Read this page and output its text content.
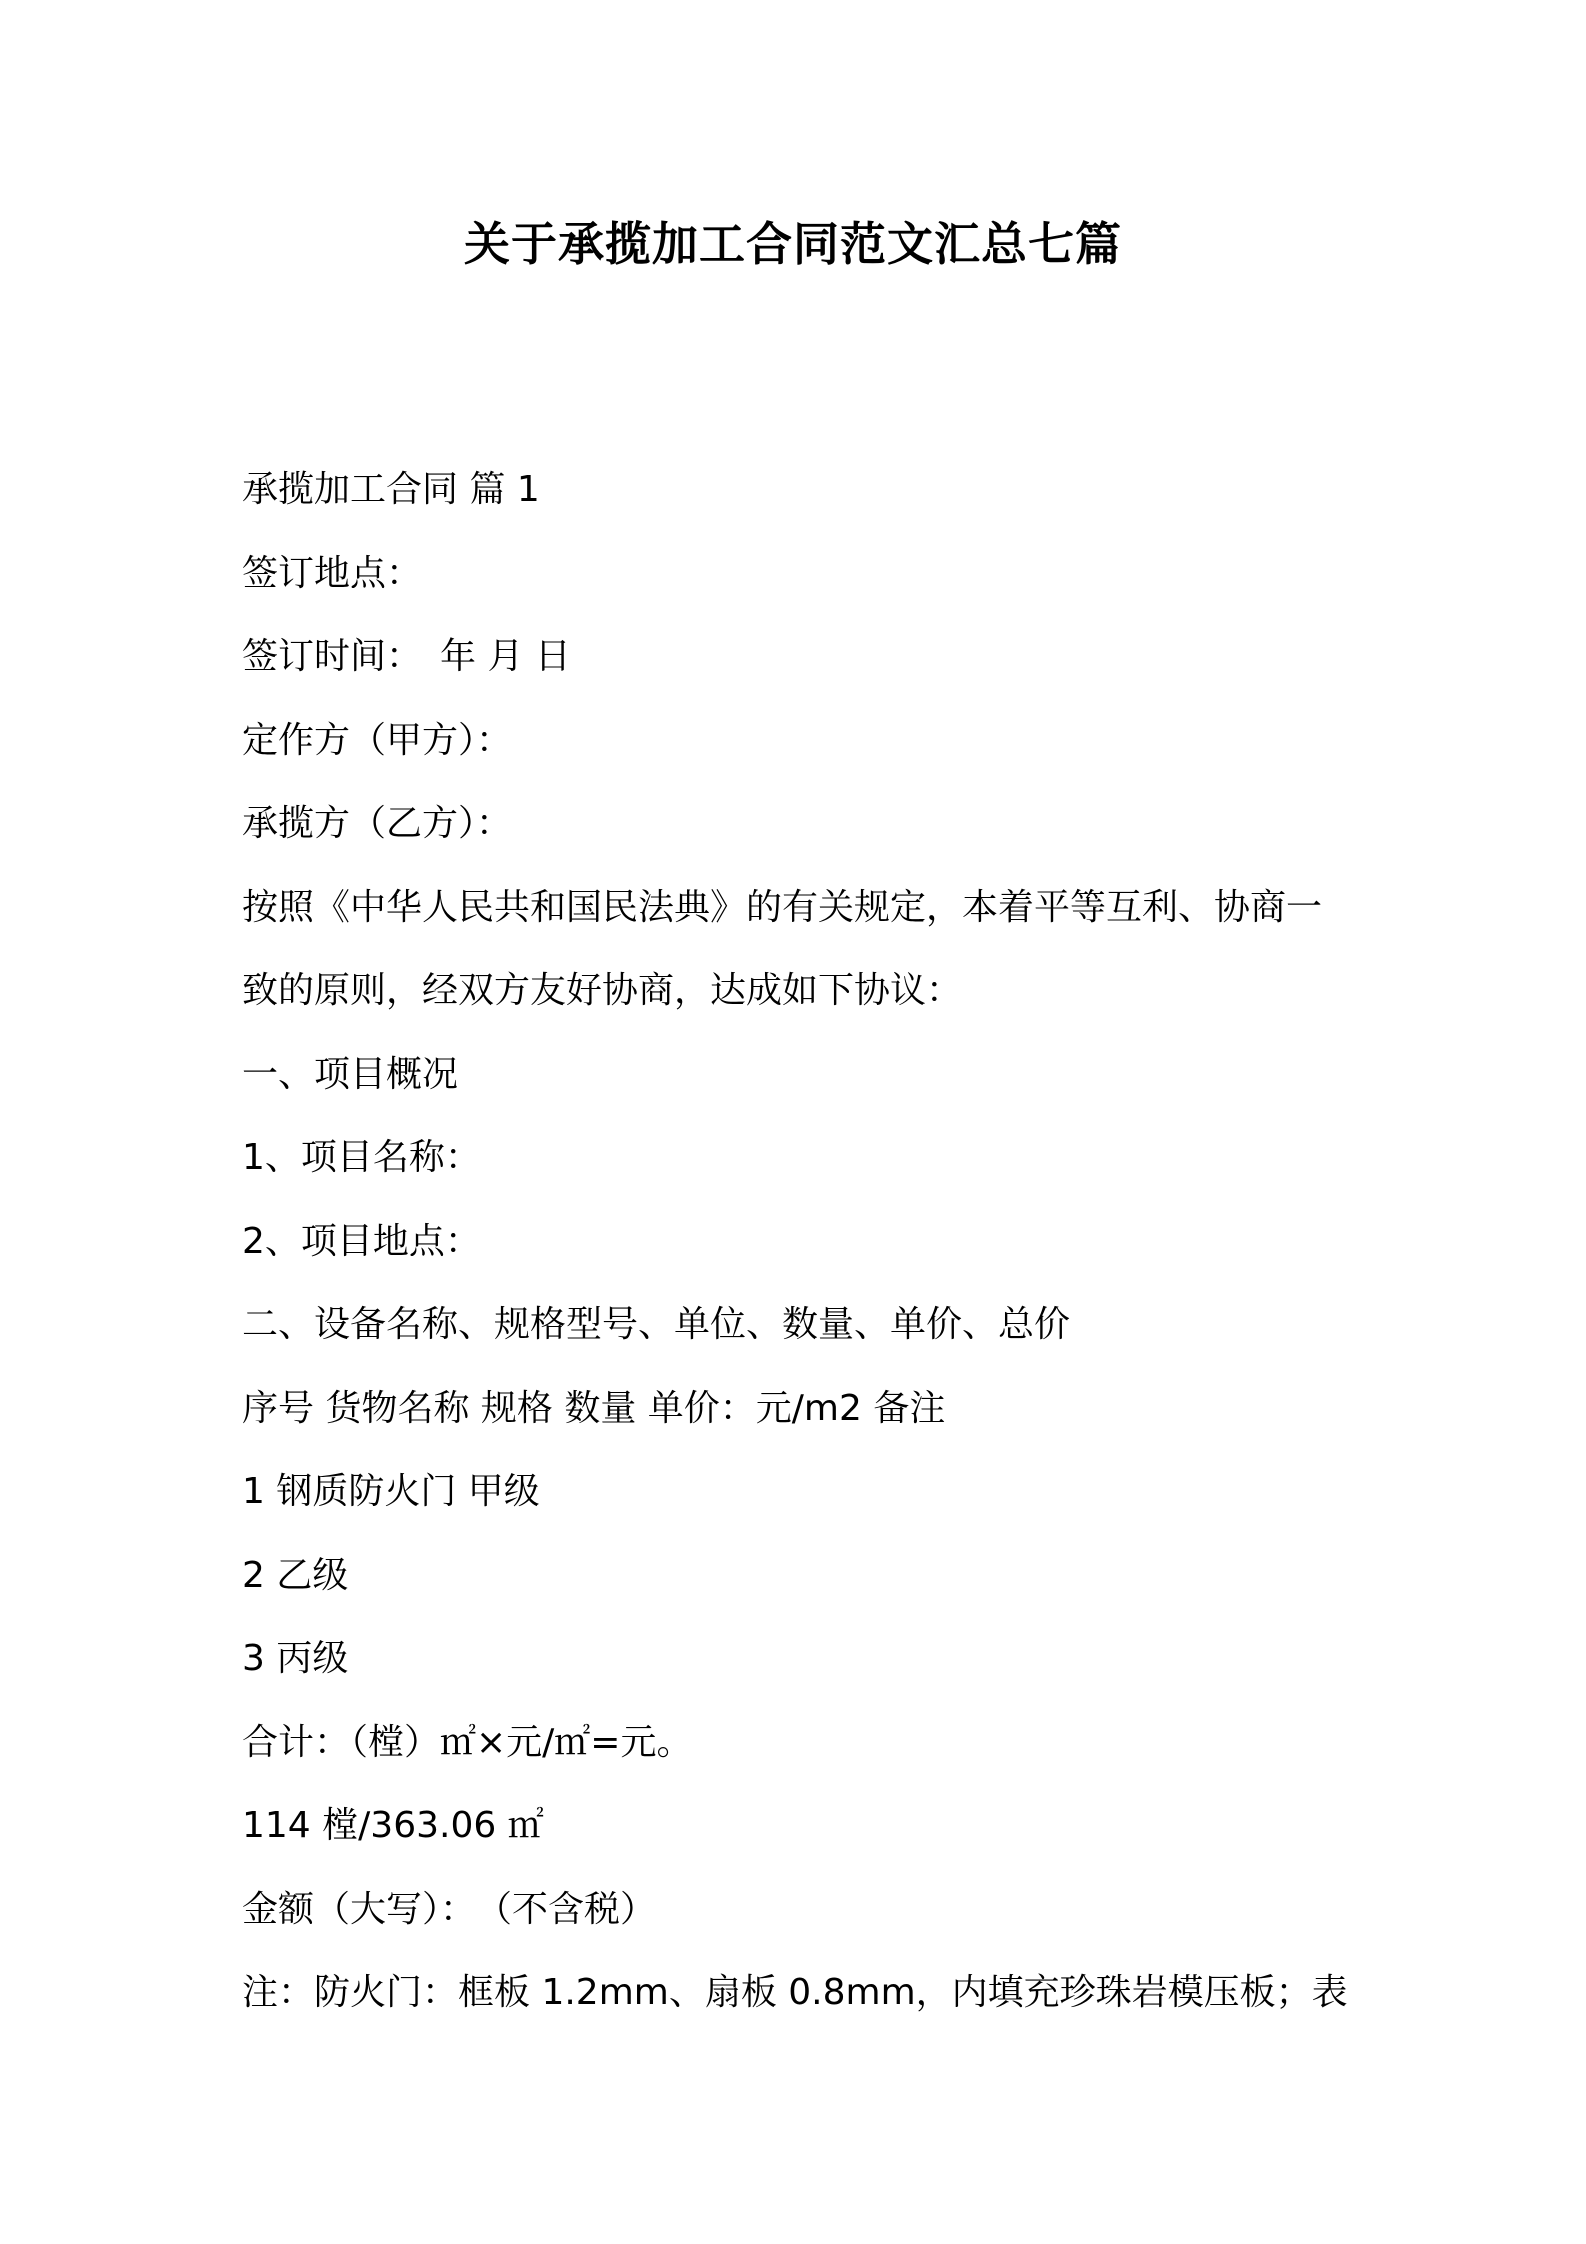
关于承揽加工合同范文汇总七篇
承揽加工合同 篇 1
签订地点：
签订时间：　年 月 日
定作方（甲方）：
承揽方（乙方）：
按照《中华人民共和国民法典》的有关规定，本着平等互利、协商一
致的原则，经双方友好协商，达成如下协议：
一、项目概况
1、项目名称：
2、项目地点：
二、设备名称、规格型号、单位、数量、单价、总价
序号 货物名称 规格 数量 单价：元/m2 备注
1 钢质防火门 甲级
2 乙级
3 丙级
合计：（樘）㎡×元/㎡=元。
114 樘/363.06 ㎡
金额（大写）：　（不含税）
注：防火门：框板 1.2mm、扇板 0.8mm，内填充珍珠岩模压板；表
